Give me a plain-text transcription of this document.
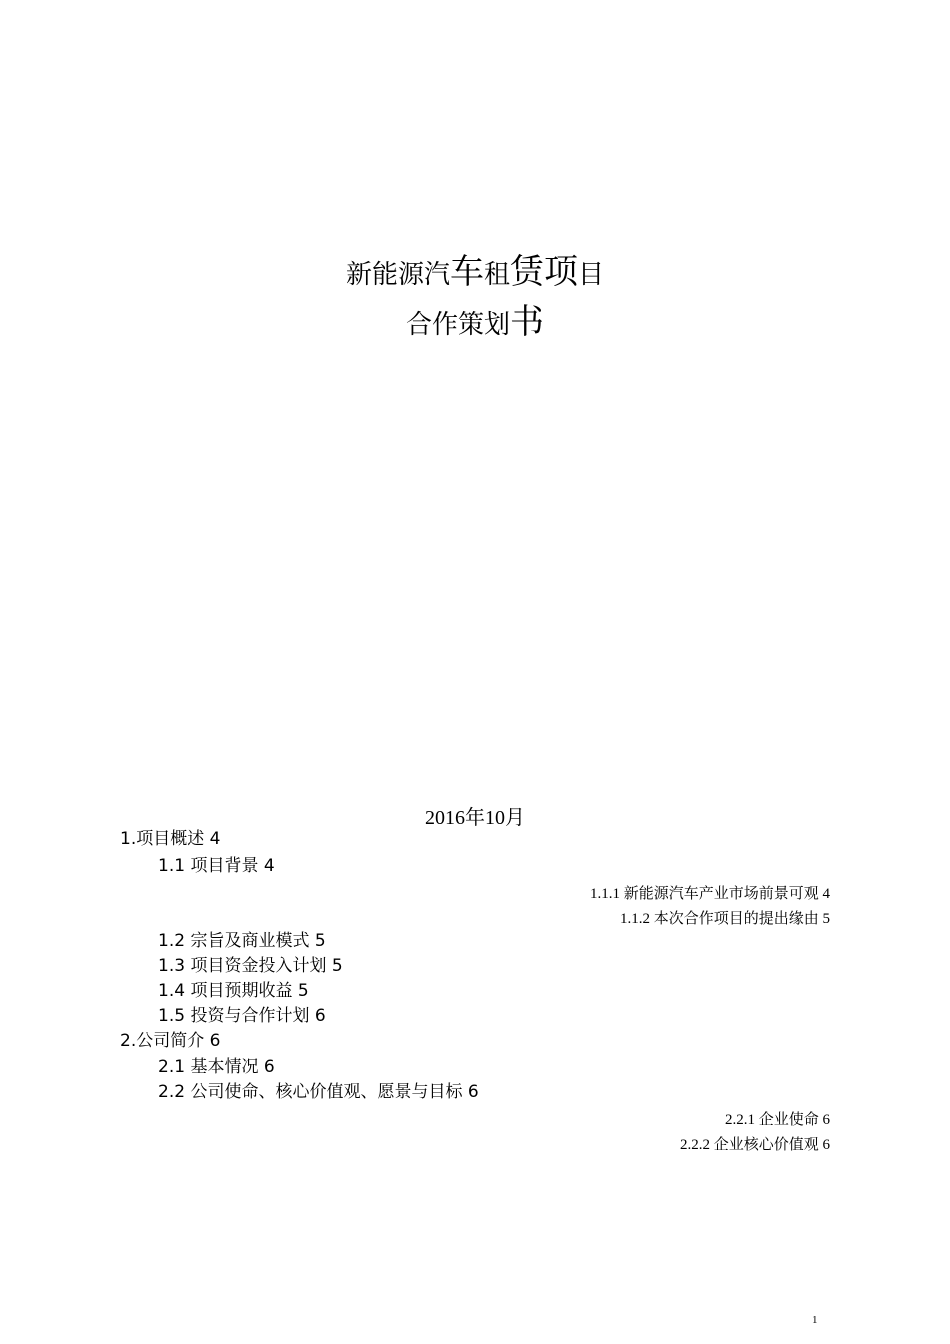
新能源汽车租赁项目
合作策划书
2016年10月
1.项目概述 4
1.1 项目背景 4
1.1.1 新能源汽车产业市场前景可观 4
1.1.2 本次合作项目的提出缘由 5
1.2 宗旨及商业模式 5
1.3 项目资金投入计划 5
1.4 项目预期收益 5
1.5 投资与合作计划 6
2.公司简介 6
2.1 基本情况 6
2.2 公司使命、核心价值观、愿景与目标 6
2.2.1 企业使命 6
2.2.2 企业核心价值观 6
1
